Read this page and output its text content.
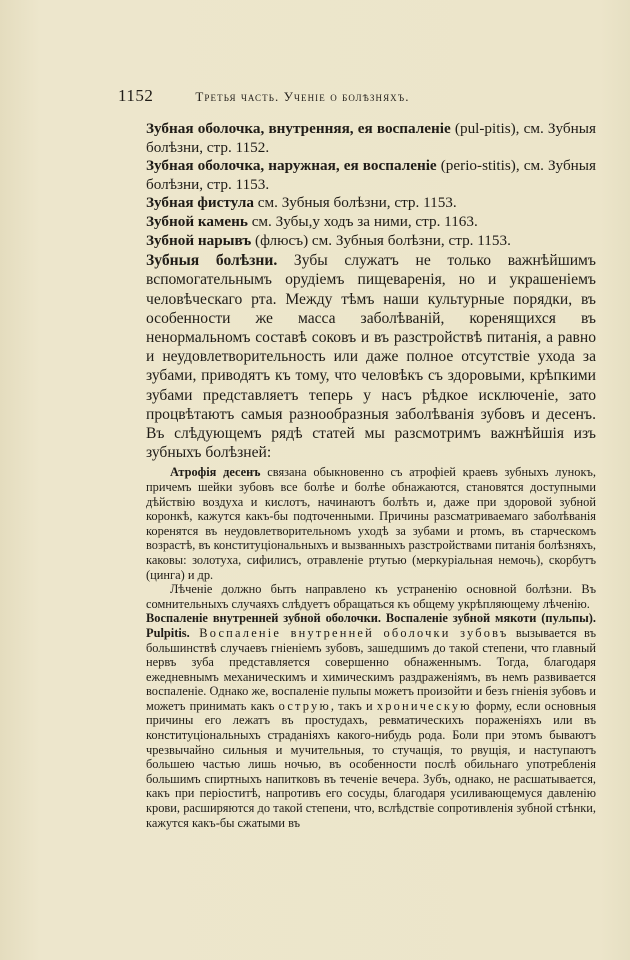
1152	Третья часть. Ученiе о болѣзняхъ.

Зубная оболочка, внутренняя, ея воспаленiе (pul-pitis), см. Зубныя болѣзни, стр. 1152.

Зубная оболочка, наружная, ея воспаленiе (perio-stitis), см. Зубныя болѣзни, стр. 1153.

Зубная фистула см. Зубныя болѣзни, стр. 1153.

Зубной камень см. Зубы,у ходъ за ними, стр. 1163.

Зубной нарывъ (флюсъ) см. Зубныя болѣзни, стр. 1153.

Зубныя болѣзни. Зубы служатъ не только важнѣйшимъ вспомогательнымъ орудiемъ пищеваренiя, но и украшенiемъ человѣческаго рта. Между тѣмъ наши культурные порядки, въ особенности же масса заболѣванiй, коренящихся въ ненормальномъ составѣ соковъ и въ разстройствѣ питанiя, а равно и неудовлетворительность или даже полное отсутствiе ухода за зубами, приводятъ къ тому, что человѣкъ съ здоровыми, крѣпкими зубами представляетъ теперь у насъ рѣдкое исключенiе, зато процвѣтаютъ самыя разнообразныя заболѣванiя зубовъ и десенъ. Въ слѣдующемъ рядѣ статей мы разсмотримъ важнѣйшiя изъ зубныхъ болѣзней:

Атрофiя десенъ связана обыкновенно съ атрофiей краевъ зубныхъ лунокъ, причемъ шейки зубовъ все болѣе и болѣе обнажаются, становятся доступными дѣйствiю воздуха и кислотъ, начинаютъ болѣть и, даже при здоровой зубной коронкѣ, кажутся какъ-бы подточенными. Причины разсматриваемаго заболѣванiя коренятся въ неудовлетворительномъ уходѣ за зубами и ртомъ, въ старческомъ возрастѣ, въ конституцiональныхъ и вызванныхъ разстройствами питанiя болѣзняхъ, каковы: золотуха, сифилисъ, отравленiе ртутью (меркурiальная немочь), скорбутъ (цинга) и др.

Лѣченiе должно быть направлено къ устраненiю основной болѣзни. Въ сомнительныхъ случаяхъ слѣдуетъ обращаться къ общему укрѣпляющему лѣченiю.

Воспаленiе внутренней зубной оболочки. Воспаленiе зубной мякоти (пульпы). Pulpitis. Воспаленiе внутренней оболочки зубовъ вызывается въ большинствѣ случаевъ гнiенiемъ зубовъ, зашедшимъ до такой степени, что главный нервъ зуба представляется совершенно обнаженнымъ. Тогда, благодаря ежедневнымъ механическимъ и химическимъ раздраженiямъ, въ немъ развивается воспаленiе. Однако же, воспаленiе пульпы можетъ произойти и безъ гнiенiя зубовъ и можетъ принимать какъ острую, такъ и хроническую форму, если основныя причины его лежатъ въ простудахъ, ревматическихъ пораженiяхъ или въ конституцiональныхъ страданiяхъ какого-нибудь рода. Боли при этомъ бываютъ чрезвычайно сильныя и мучительныя, то стучащiя, то рвущiя, и наступаютъ большею частью лишь ночью, въ особенности послѣ обильнаго употребленiя большимъ спиртныхъ напитковъ въ теченiе вечера. Зубъ, однако, не расшатывается, какъ при перiоститѣ, напротивъ его сосуды, благодаря усиливающемуся давленiю крови, расширяются до такой степени, что, вслѣдствiе сопротивленiя зубной стѣнки, кажутся какъ-бы сжатыми въ
